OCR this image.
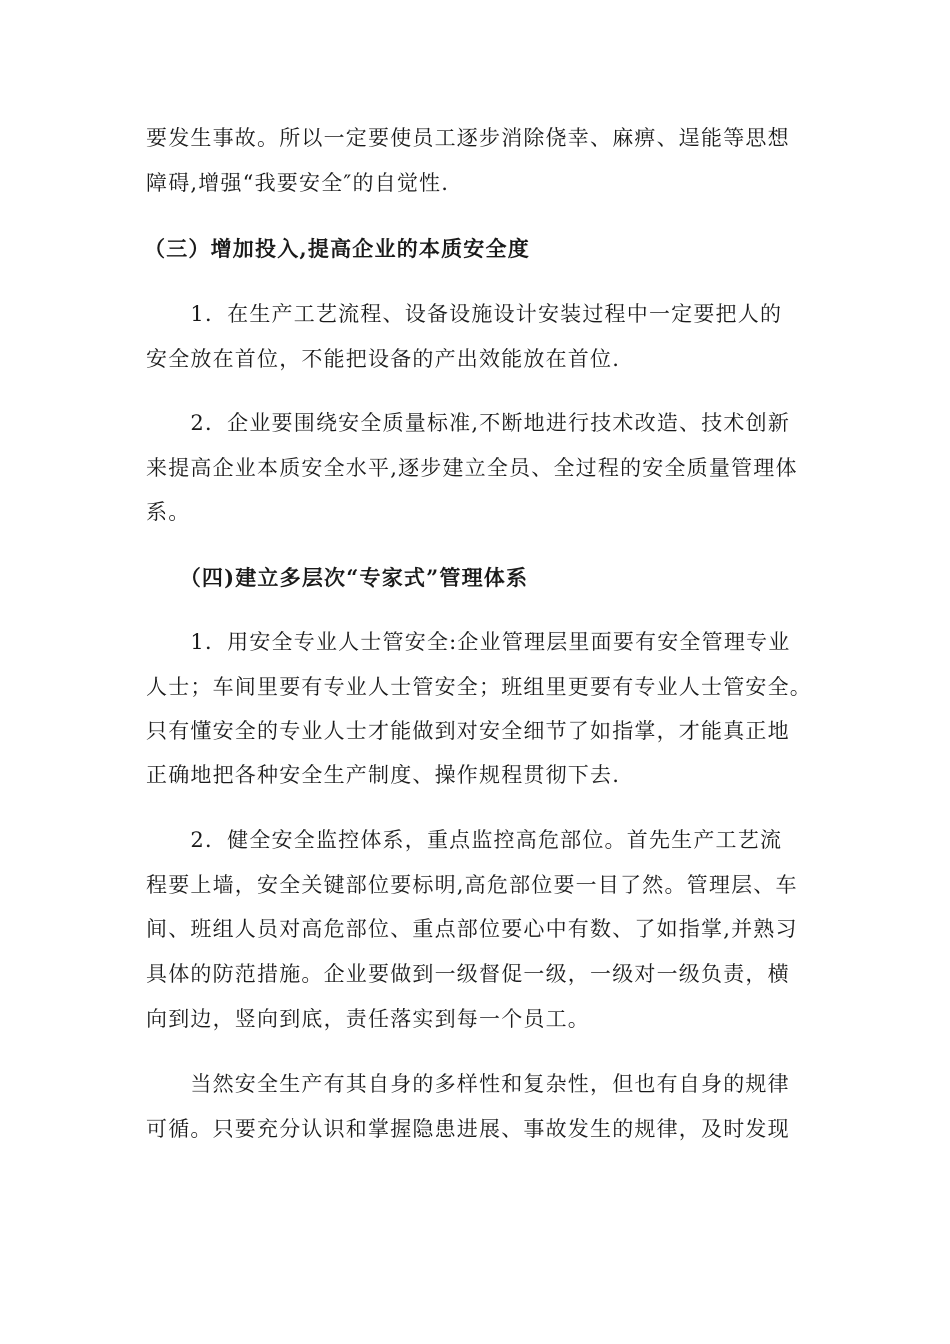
要发生事故。所以一定要使员工逐步消除侥幸、麻痹、逞能等思想
障碍,增强“我要安全″的自觉性.
（三）增加投入,提高企业的本质安全度
　　1．在生产工艺流程、设备设施设计安装过程中一定要把人的
安全放在首位，不能把设备的产出效能放在首位.
　　2．企业要围绕安全质量标准,不断地进行技术改造、技术创新
来提高企业本质安全水平,逐步建立全员、全过程的安全质量管理体
系。
　（四)建立多层次“专家式”管理体系
　　1．用安全专业人士管安全:企业管理层里面要有安全管理专业
人士；车间里要有专业人士管安全；班组里更要有专业人士管安全。
只有懂安全的专业人士才能做到对安全细节了如指掌，才能真正地
正确地把各种安全生产制度、操作规程贯彻下去.
　　2．健全安全监控体系，重点监控高危部位。首先生产工艺流
程要上墙，安全关键部位要标明,高危部位要一目了然。管理层、车
间、班组人员对高危部位、重点部位要心中有数、了如指掌,并熟习
具体的防范措施。企业要做到一级督促一级，一级对一级负责，横
向到边，竖向到底，责任落实到每一个员工。
　　当然安全生产有其自身的多样性和复杂性，但也有自身的规律
可循。只要充分认识和掌握隐患进展、事故发生的规律，及时发现
